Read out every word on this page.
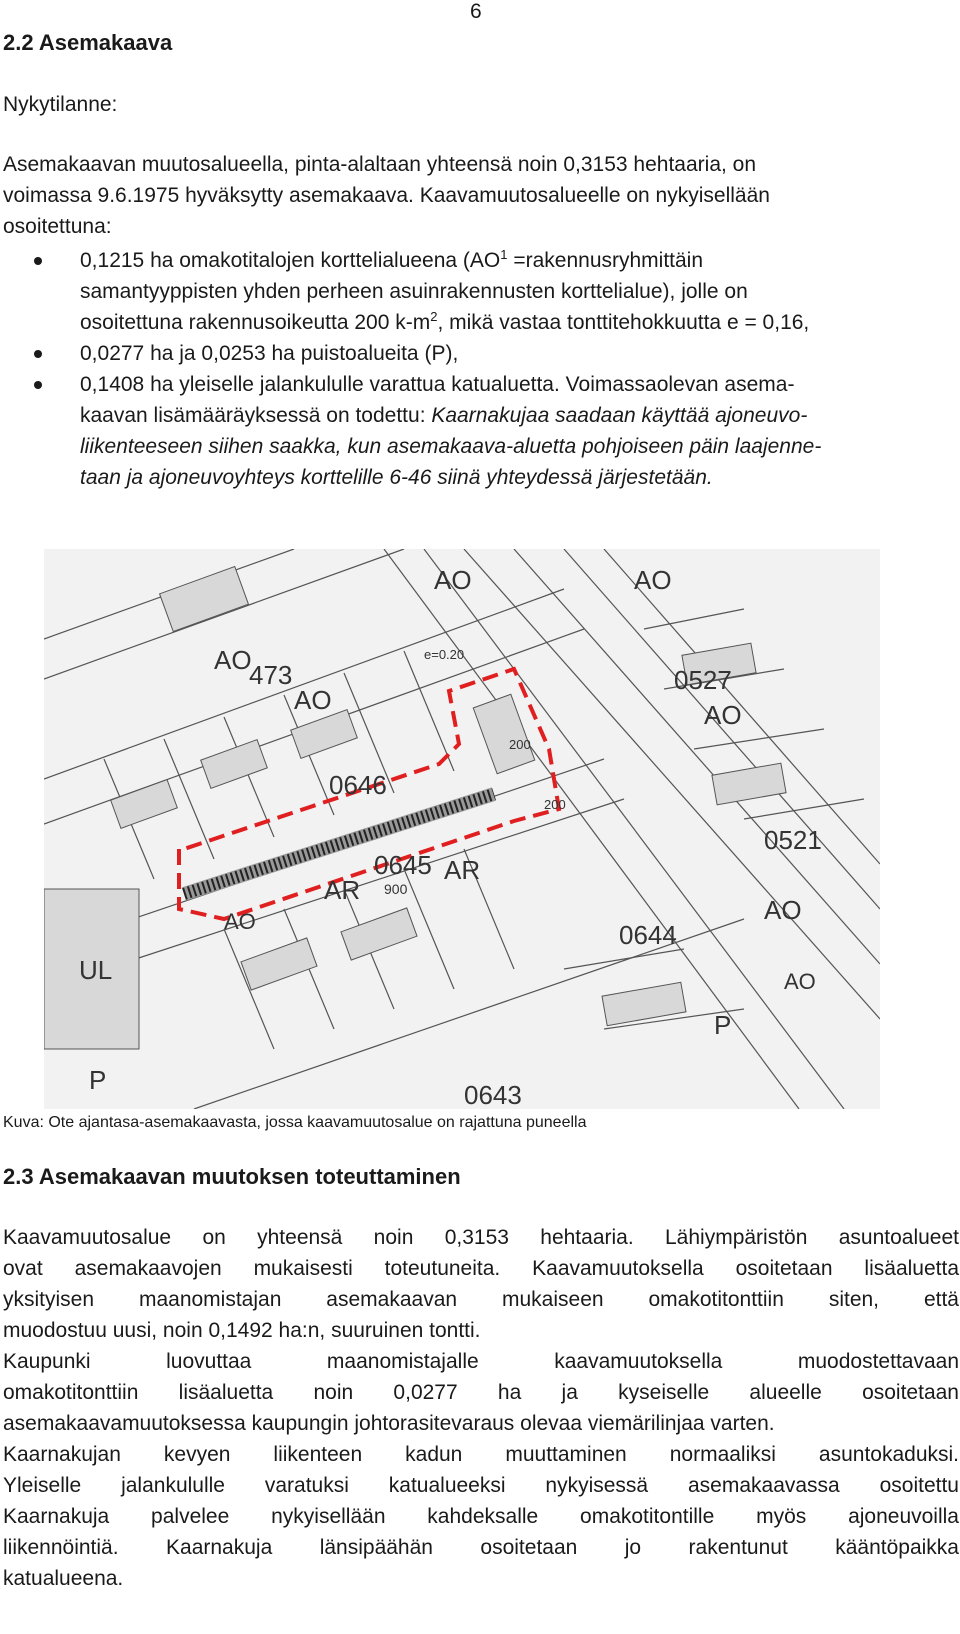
6
2.2 Asemakaava
Nykytilanne:
Asemakaavan muutosalueella, pinta-alaltaan yhteensä noin 0,3153 hehtaaria, on
voimassa 9.6.1975 hyväksytty asemakaava. Kaavamuutosalueelle on nykyisellään
osoitettuna:
0,1215 ha omakotitalojen korttelialueena ($AO^1$ =rakennusryhmittäin
samantyyppisten yhden perheen asuinrakennusten korttelialue), jolle on
osoitettuna rakennusoikeutta 200 $k-m^2$, mikä vastaa tonttitehokkuutta e = 0,16,
0,0277 ha ja 0,0253 ha puistoalueita (P),
0,1408 ha yleiselle jalankululle varattua katualuetta. Voimassaolevan asema-
kaavan lisämääräyksessä on todettu: Kaarnakujaa saadaan käyttää ajoneuvo-
liikenteeseen siihen saakka, kun asemakaava-aluetta pohjoiseen päin laajenne-
taan ja ajoneuvoyhteys korttelille 6-46 siinä yhteydessä järjestetään.
AO
AO
AO
473
AO
0646
0645
AR 900
AR
0644
0527
AO
0521
AO
P
P
UL
0643
200
200
AO
AO
e=0.20
Kuva: Ote ajantasa-asemakaavasta, jossa kaavamuutosalue on rajattuna puneella
2.3 Asemakaavan muutoksen toteuttaminen
Kaavamuutosalue on yhteensä noin 0,3153 hehtaaria. Lähiympäristön asuntoalueet
ovat asemakaavojen mukaisesti toteutuneita. Kaavamuutoksella osoitetaan lisäaluetta
yksityisen maanomistajan asemakaavan mukaiseen omakotitonttiin siten, että
muodostuu uusi, noin 0,1492 ha:n, suuruinen tontti.
Kaupunki luovuttaa maanomistajalle kaavamuutoksella muodostettavaan
omakotitonttiin lisäaluetta noin 0,0277 ha ja kyseiselle alueelle osoitetaan
asemakaavamuutoksessa kaupungin johtorasitevaraus olevaa viemärilinjaa varten.
Kaarnakujan kevyen liikenteen kadun muuttaminen normaaliksi asuntokaduksi.
Yleiselle jalankululle varatuksi katualueeksi nykyisessä asemakaavassa osoitettu
Kaarnakuja palvelee nykyisellään kahdeksalle omakotitontille myös ajoneuvoilla
liikennöintiä. Kaarnakuja länsipäähän osoitetaan jo rakentunut kääntöpaikka
katualueena.
